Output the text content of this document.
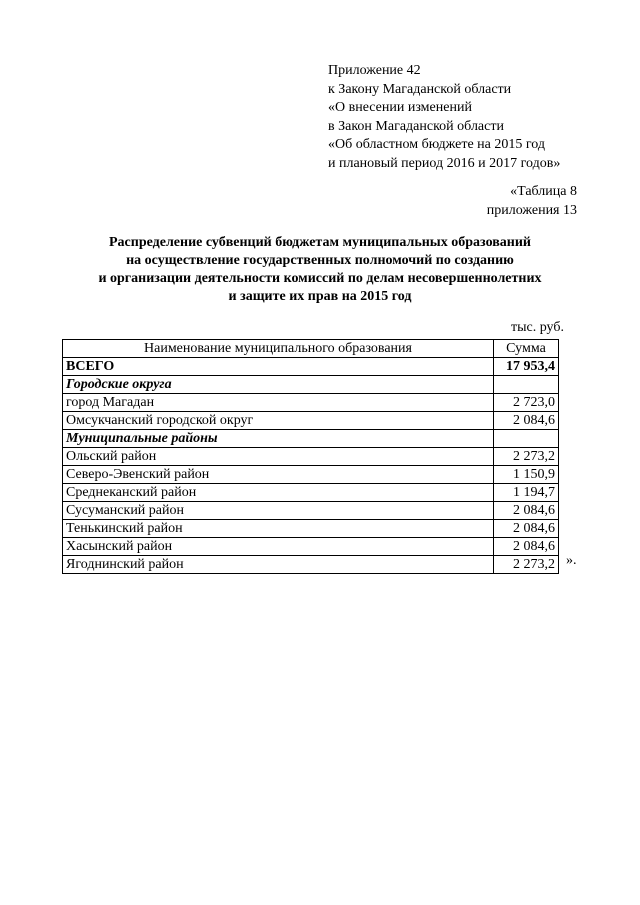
Приложение 42
к Закону Магаданской области
«О внесении изменений
в Закон Магаданской области
«Об областном бюджете на 2015 год
и плановый период 2016 и 2017 годов»
«Таблица 8
приложения 13
Распределение субвенций бюджетам муниципальных образований
на осуществление государственных полномочий по созданию
и организации деятельности комиссий по делам несовершеннолетних
и защите их прав на 2015 год
тыс. руб.
Наименование муниципального образования	Сумма
ВСЕГО	17 953,4
Городские округа	
город Магадан	2 723,0
Омсукчанский городской округ	2 084,6
Муниципальные районы	
Ольский район	2 273,2
Северо-Эвенский район	1 150,9
Среднеканский район	1 194,7
Сусуманский район	2 084,6
Тенькинский район	2 084,6
Хасынский район	2 084,6
Ягоднинский район	2 273,2 ».
